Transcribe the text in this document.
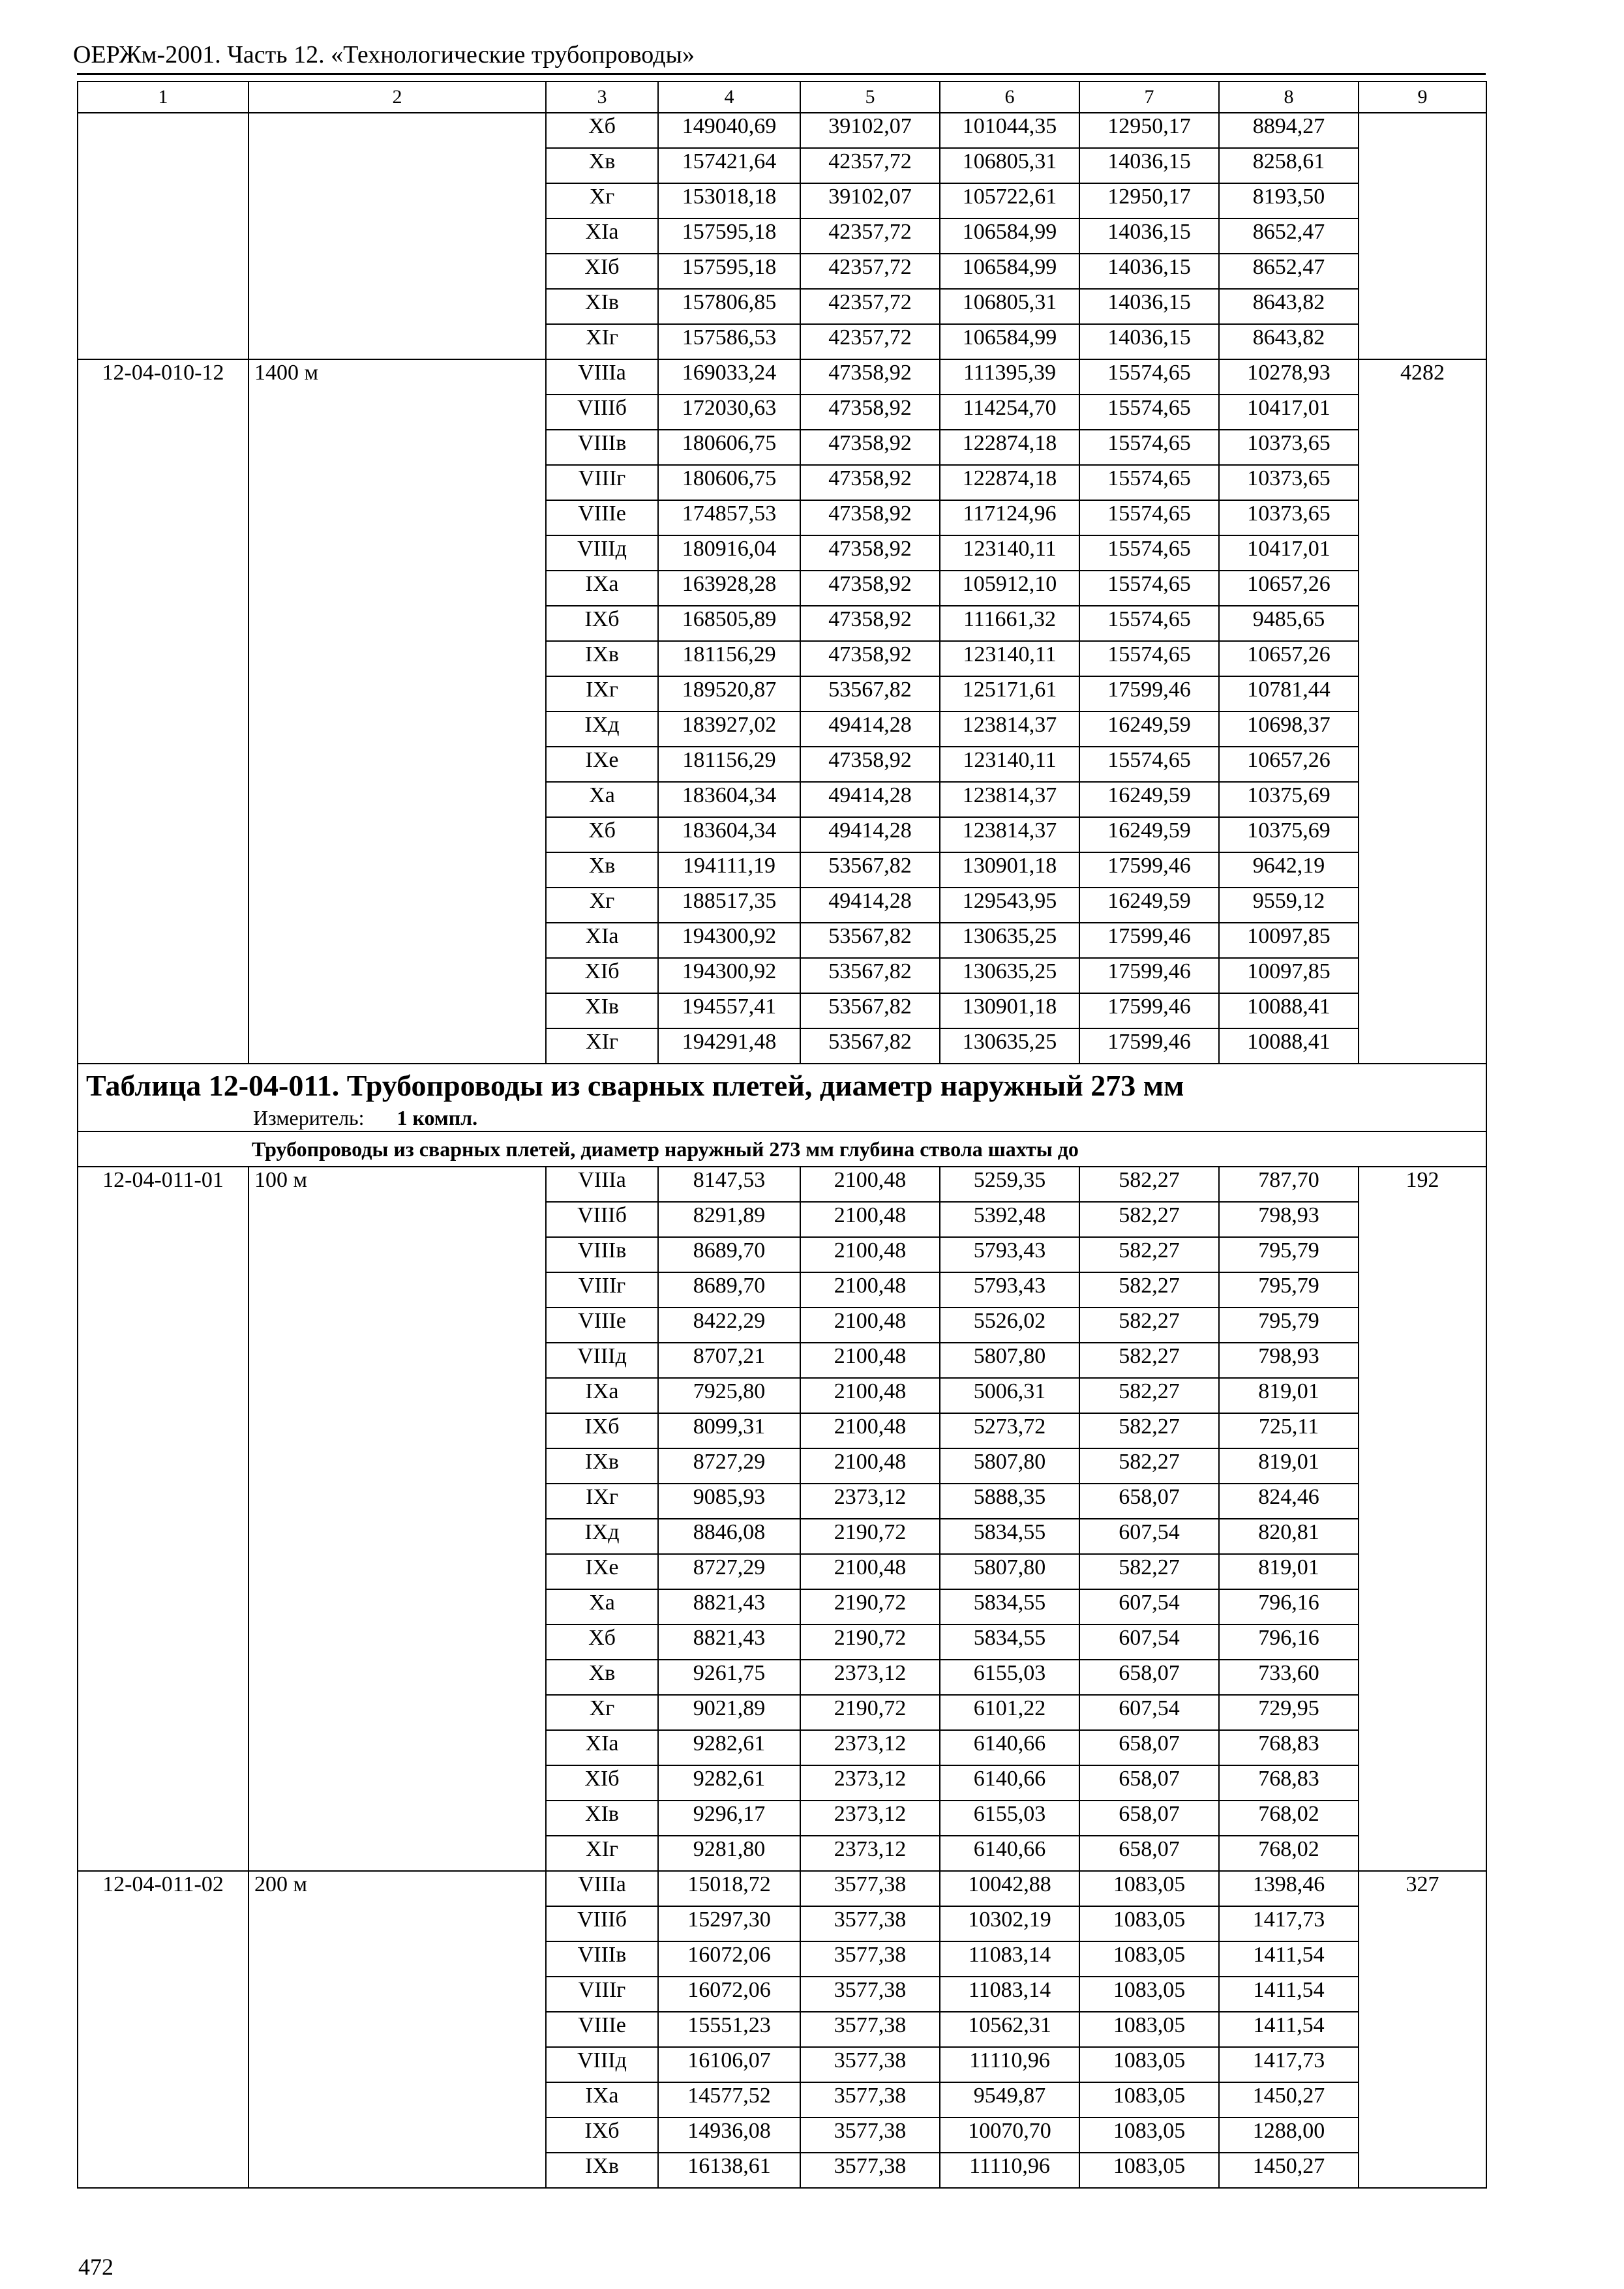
ОЕРЖм-2001. Часть 12. «Технологические трубопроводы»
1	2	3	4	5	6	7	8	9
		Хб	149040,69	39102,07	101044,35	12950,17	8894,27	
		Хв	157421,64	42357,72	106805,31	14036,15	8258,61	
		Хг	153018,18	39102,07	105722,61	12950,17	8193,50	
		XIа	157595,18	42357,72	106584,99	14036,15	8652,47	
		XIб	157595,18	42357,72	106584,99	14036,15	8652,47	
		XIв	157806,85	42357,72	106805,31	14036,15	8643,82	
		XIг	157586,53	42357,72	106584,99	14036,15	8643,82	
12-04-010-12	1400 м	VIIIа	169033,24	47358,92	111395,39	15574,65	10278,93	4282
		VIIIб	172030,63	47358,92	114254,70	15574,65	10417,01	
		VIIIв	180606,75	47358,92	122874,18	15574,65	10373,65	
		VIIIг	180606,75	47358,92	122874,18	15574,65	10373,65	
		VIIIе	174857,53	47358,92	117124,96	15574,65	10373,65	
		VIIIд	180916,04	47358,92	123140,11	15574,65	10417,01	
		IXа	163928,28	47358,92	105912,10	15574,65	10657,26	
		IXб	168505,89	47358,92	111661,32	15574,65	9485,65	
		IXв	181156,29	47358,92	123140,11	15574,65	10657,26	
		IXг	189520,87	53567,82	125171,61	17599,46	10781,44	
		IXд	183927,02	49414,28	123814,37	16249,59	10698,37	
		IXе	181156,29	47358,92	123140,11	15574,65	10657,26	
		Ха	183604,34	49414,28	123814,37	16249,59	10375,69	
		Хб	183604,34	49414,28	123814,37	16249,59	10375,69	
		Хв	194111,19	53567,82	130901,18	17599,46	9642,19	
		Хг	188517,35	49414,28	129543,95	16249,59	9559,12	
		XIа	194300,92	53567,82	130635,25	17599,46	10097,85	
		XIб	194300,92	53567,82	130635,25	17599,46	10097,85	
		XIв	194557,41	53567,82	130901,18	17599,46	10088,41	
		XIг	194291,48	53567,82	130635,25	17599,46	10088,41	

Таблица 12-04-011. Трубопроводы из сварных плетей, диаметр наружный 273 мм
Измеритель: 1 компл.								

Трубопроводы из сварных плетей, диаметр наружный 273 мм глубина ствола шахты до								
12-04-011-01	100 м	VIIIа	8147,53	2100,48	5259,35	582,27	787,70	192
		VIIIб	8291,89	2100,48	5392,48	582,27	798,93	
		VIIIв	8689,70	2100,48	5793,43	582,27	795,79	
		VIIIг	8689,70	2100,48	5793,43	582,27	795,79	
		VIIIе	8422,29	2100,48	5526,02	582,27	795,79	
		VIIIд	8707,21	2100,48	5807,80	582,27	798,93	
		IXа	7925,80	2100,48	5006,31	582,27	819,01	
		IXб	8099,31	2100,48	5273,72	582,27	725,11	
		IXв	8727,29	2100,48	5807,80	582,27	819,01	
		IXг	9085,93	2373,12	5888,35	658,07	824,46	
		IXд	8846,08	2190,72	5834,55	607,54	820,81	
		IXе	8727,29	2100,48	5807,80	582,27	819,01	
		Ха	8821,43	2190,72	5834,55	607,54	796,16	
		Хб	8821,43	2190,72	5834,55	607,54	796,16	
		Хв	9261,75	2373,12	6155,03	658,07	733,60	
		Хг	9021,89	2190,72	6101,22	607,54	729,95	
		XIа	9282,61	2373,12	6140,66	658,07	768,83	
		XIб	9282,61	2373,12	6140,66	658,07	768,83	
		XIв	9296,17	2373,12	6155,03	658,07	768,02	
		XIг	9281,80	2373,12	6140,66	658,07	768,02	
12-04-011-02	200 м	VIIIа	15018,72	3577,38	10042,88	1083,05	1398,46	327
		VIIIб	15297,30	3577,38	10302,19	1083,05	1417,73	
		VIIIв	16072,06	3577,38	11083,14	1083,05	1411,54	
		VIIIг	16072,06	3577,38	11083,14	1083,05	1411,54	
		VIIIе	15551,23	3577,38	10562,31	1083,05	1411,54	
		VIIIд	16106,07	3577,38	11110,96	1083,05	1417,73	
		IXа	14577,52	3577,38	9549,87	1083,05	1450,27	
		IXб	14936,08	3577,38	10070,70	1083,05	1288,00	
		IXв	16138,61	3577,38	11110,96	1083,05	1450,27	
472
